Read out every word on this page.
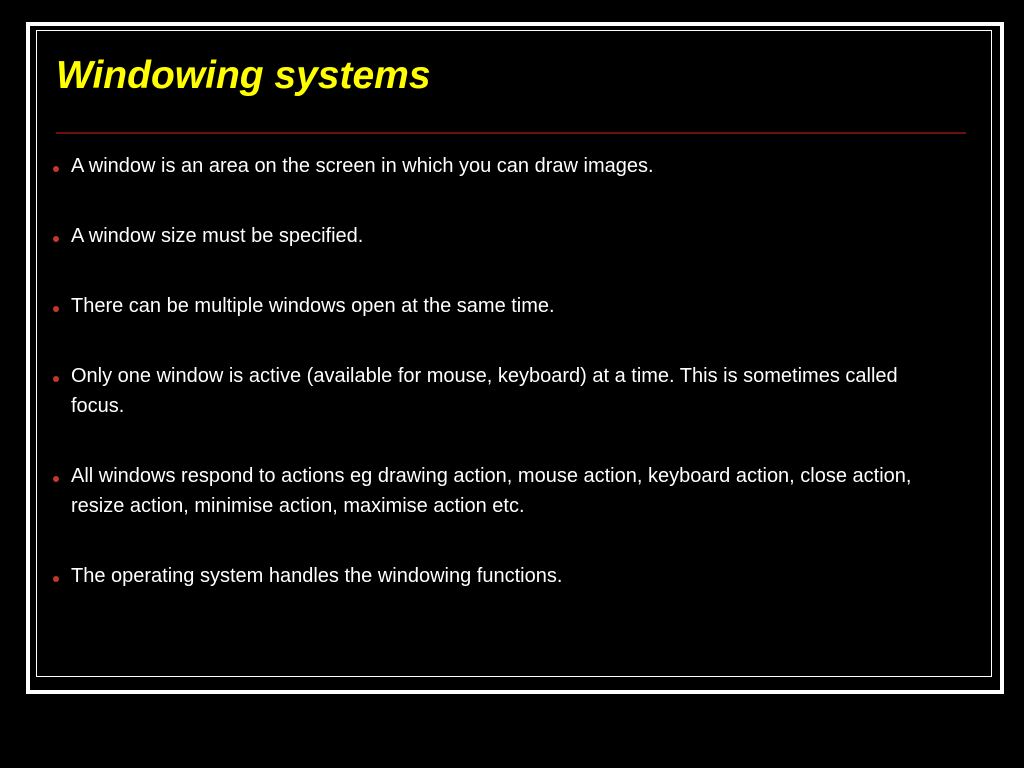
Windowing systems
A window is an area on the screen in which you can draw images.
A window size must be specified.
There can be multiple windows open at the same time.
Only one window is active (available for mouse, keyboard) at a time. This is sometimes called focus.
All windows respond to actions eg drawing action, mouse action, keyboard action, close action, resize action, minimise action, maximise action etc.
The operating system handles the windowing functions.
